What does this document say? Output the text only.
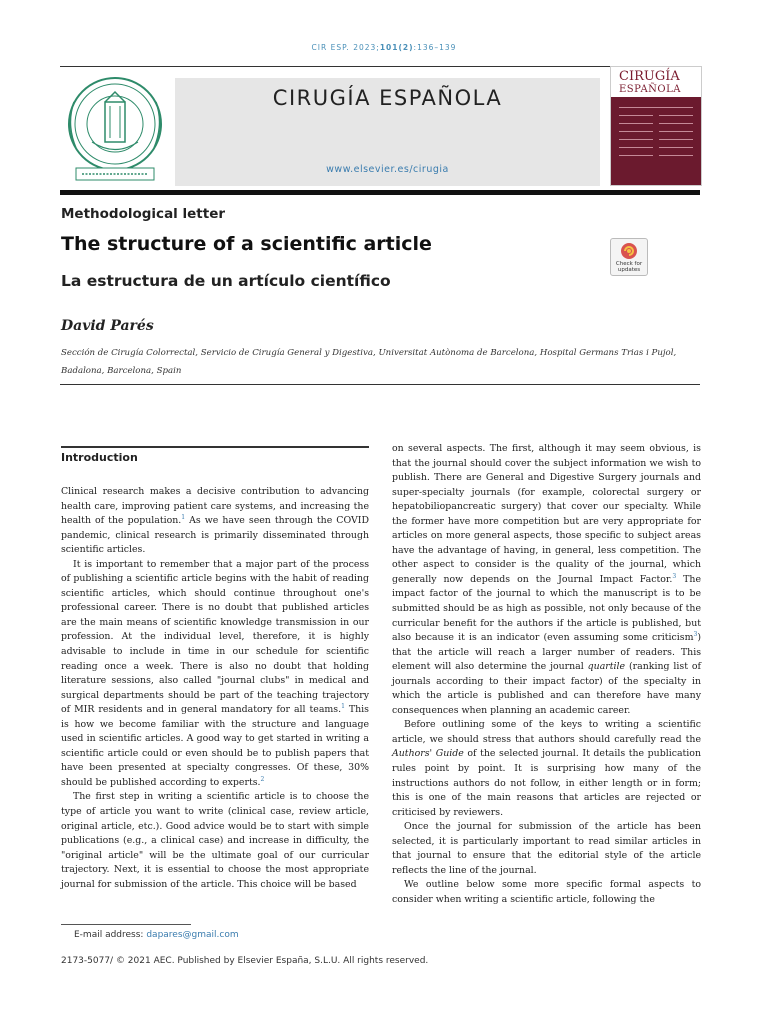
CIR ESP. 2023;101(2):136–139
CIRUGÍA ESPAÑOLA
www.elsevier.es/cirugia
CIRUGÍA
ESPAÑOLA
Methodological letter
The structure of a scientific article
La estructura de un artículo científico
Check for updates
David Parés
Sección de Cirugía Colorrectal, Servicio de Cirugía General y Digestiva, Universitat Autònoma de Barcelona, Hospital Germans Trias i Pujol, Badalona, Barcelona, Spain
Introduction

Clinical research makes a decisive contribution to advancing health care, improving patient care systems, and increasing the health of the population.$^1$ As we have seen through the COVID pandemic, clinical research is primarily disseminated through scientific articles.

It is important to remember that a major part of the process of publishing a scientific article begins with the habit of reading scientific articles, which should continue throughout one's professional career. There is no doubt that published articles are the main means of scientific knowledge transmission in our profession. At the individual level, therefore, it is highly advisable to include in time in our schedule for scientific reading once a week. There is also no doubt that holding literature sessions, also called "journal clubs" in medical and surgical departments should be part of the teaching trajectory of MIR residents and in general mandatory for all teams.$^1$ This is how we become familiar with the structure and language used in scientific articles. A good way to get started in writing a scientific article could or even should be to publish papers that have been presented at specialty congresses. Of these, 30% should be published according to experts.$^2$

The first step in writing a scientific article is to choose the type of article you want to write (clinical case, review article, original article, etc.). Good advice would be to start with simple publications (e.g., a clinical case) and increase in difficulty, the "original article" will be the ultimate goal of our curricular trajectory. Next, it is essential to choose the most appropriate journal for submission of the article. This choice will be based

on several aspects. The first, although it may seem obvious, is that the journal should cover the subject information we wish to publish. There are General and Digestive Surgery journals and super-specialty journals (for example, colorectal surgery or hepatobiliopancreatic surgery) that cover our specialty. While the former have more competition but are very appropriate for articles on more general aspects, those specific to subject areas have the advantage of having, in general, less competition. The other aspect to consider is the quality of the journal, which generally now depends on the Journal Impact Factor.$^3$ The impact factor of the journal to which the manuscript is to be submitted should be as high as possible, not only because of the curricular benefit for the authors if the article is published, but also because it is an indicator (even assuming some criticism$^3$) that the article will reach a larger number of readers. This element will also determine the journal quartile (ranking list of journals according to their impact factor) of the specialty in which the article is published and can therefore have many consequences when planning an academic career.

Before outlining some of the keys to writing a scientific article, we should stress that authors should carefully read the Authors' Guide of the selected journal. It details the publication rules point by point. It is surprising how many of the instructions authors do not follow, in either length or in form; this is one of the main reasons that articles are rejected or criticised by reviewers.

Once the journal for submission of the article has been selected, it is particularly important to read similar articles in that journal to ensure that the editorial style of the article reflects the line of the journal.

We outline below some more specific formal aspects to consider when writing a scientific article, following the

E-mail address: dapares@gmail.com
2173-5077/ © 2021 AEC. Published by Elsevier España, S.L.U. All rights reserved.
